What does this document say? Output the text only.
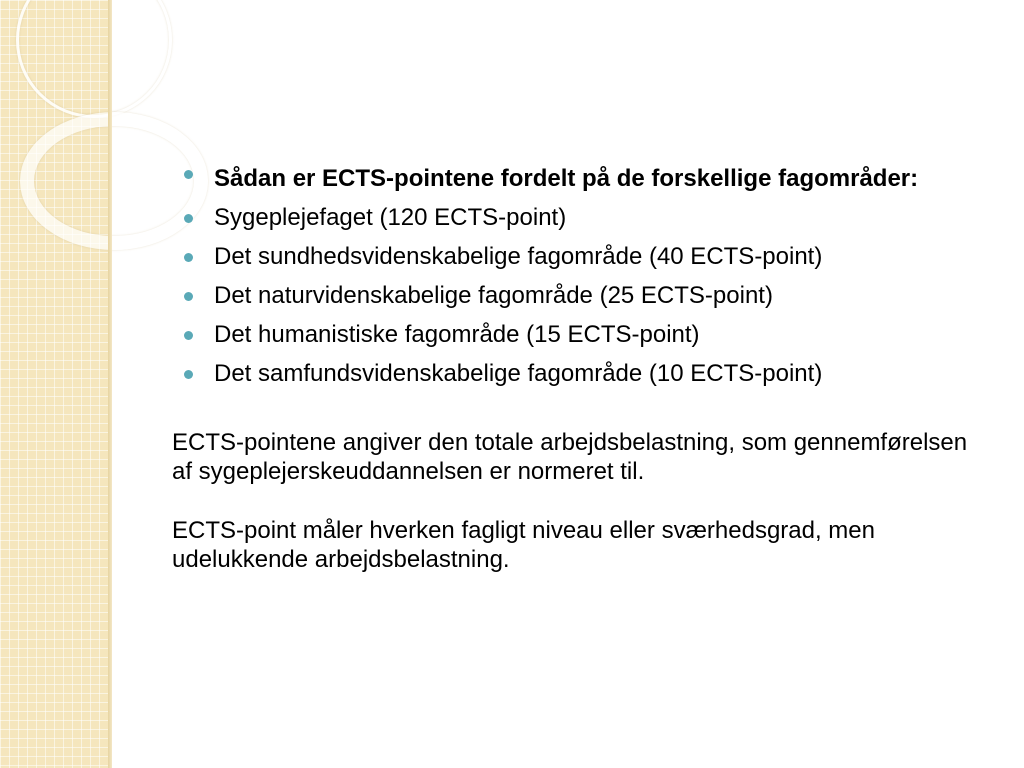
Sådan er ECTS-pointene fordelt på de forskellige fagområder:
Sygeplejefaget (120 ECTS-point)
Det sundhedsvidenskabelige fagområde (40 ECTS-point)
Det naturvidenskabelige fagområde (25 ECTS-point)
Det humanistiske fagområde (15 ECTS-point)
Det samfundsvidenskabelige fagområde (10 ECTS-point)

ECTS-pointene angiver den totale arbejdsbelastning, som gennemførelsen af sygeplejerskeuddannelsen er normeret til.

ECTS-point måler hverken fagligt niveau eller sværhedsgrad, men udelukkende arbejdsbelastning.
